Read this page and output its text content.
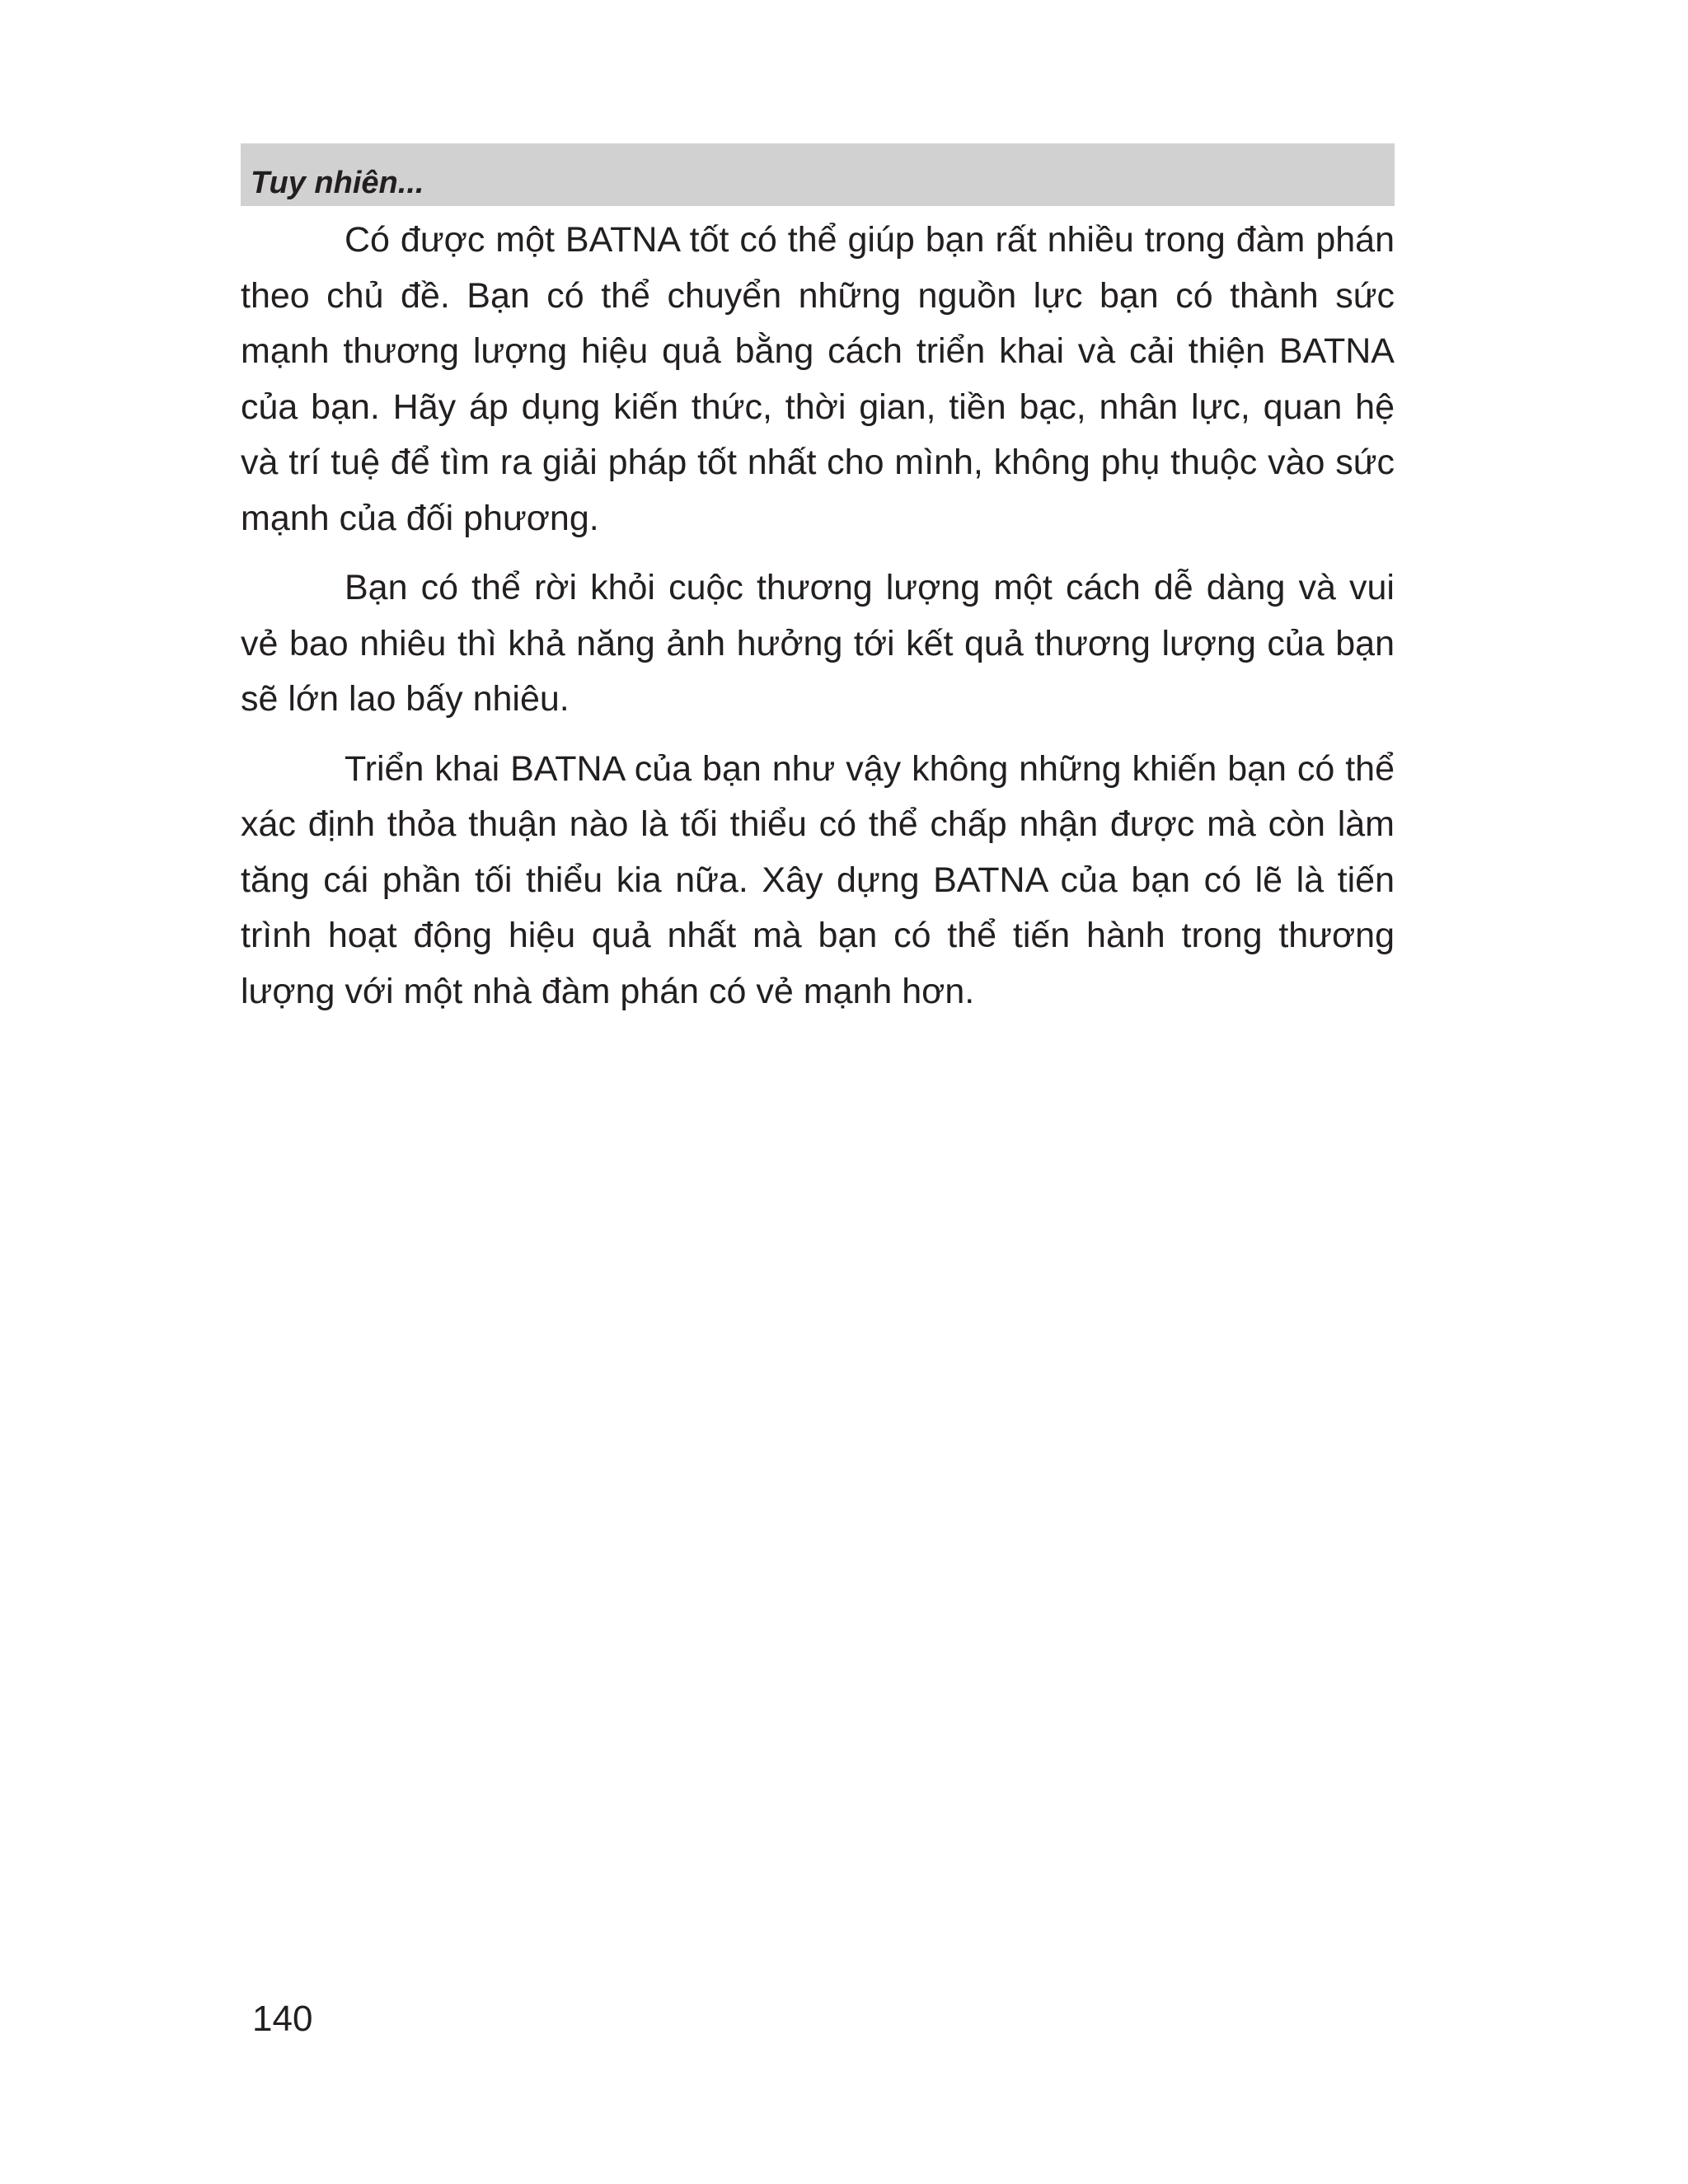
Tuy nhiên...

Có được một BATNA tốt có thể giúp bạn rất nhiều trong đàm phán theo chủ đề. Bạn có thể chuyển những nguồn lực bạn có thành sức mạnh thương lượng hiệu quả bằng cách triển khai và cải thiện BATNA của bạn. Hãy áp dụng kiến thức, thời gian, tiền bạc, nhân lực, quan hệ và trí tuệ để tìm ra giải pháp tốt nhất cho mình, không phụ thuộc vào sức mạnh của đối phương.

Bạn có thể rời khỏi cuộc thương lượng một cách dễ dàng và vui vẻ bao nhiêu thì khả năng ảnh hưởng tới kết quả thương lượng của bạn sẽ lớn lao bấy nhiêu.

Triển khai BATNA của bạn như vậy không những khiến bạn có thể xác định thỏa thuận nào là tối thiểu có thể chấp nhận được mà còn làm tăng cái phần tối thiểu kia nữa. Xây dựng BATNA của bạn có lẽ là tiến trình hoạt động hiệu quả nhất mà bạn có thể tiến hành trong thương lượng với một nhà đàm phán có vẻ mạnh hơn.

140
